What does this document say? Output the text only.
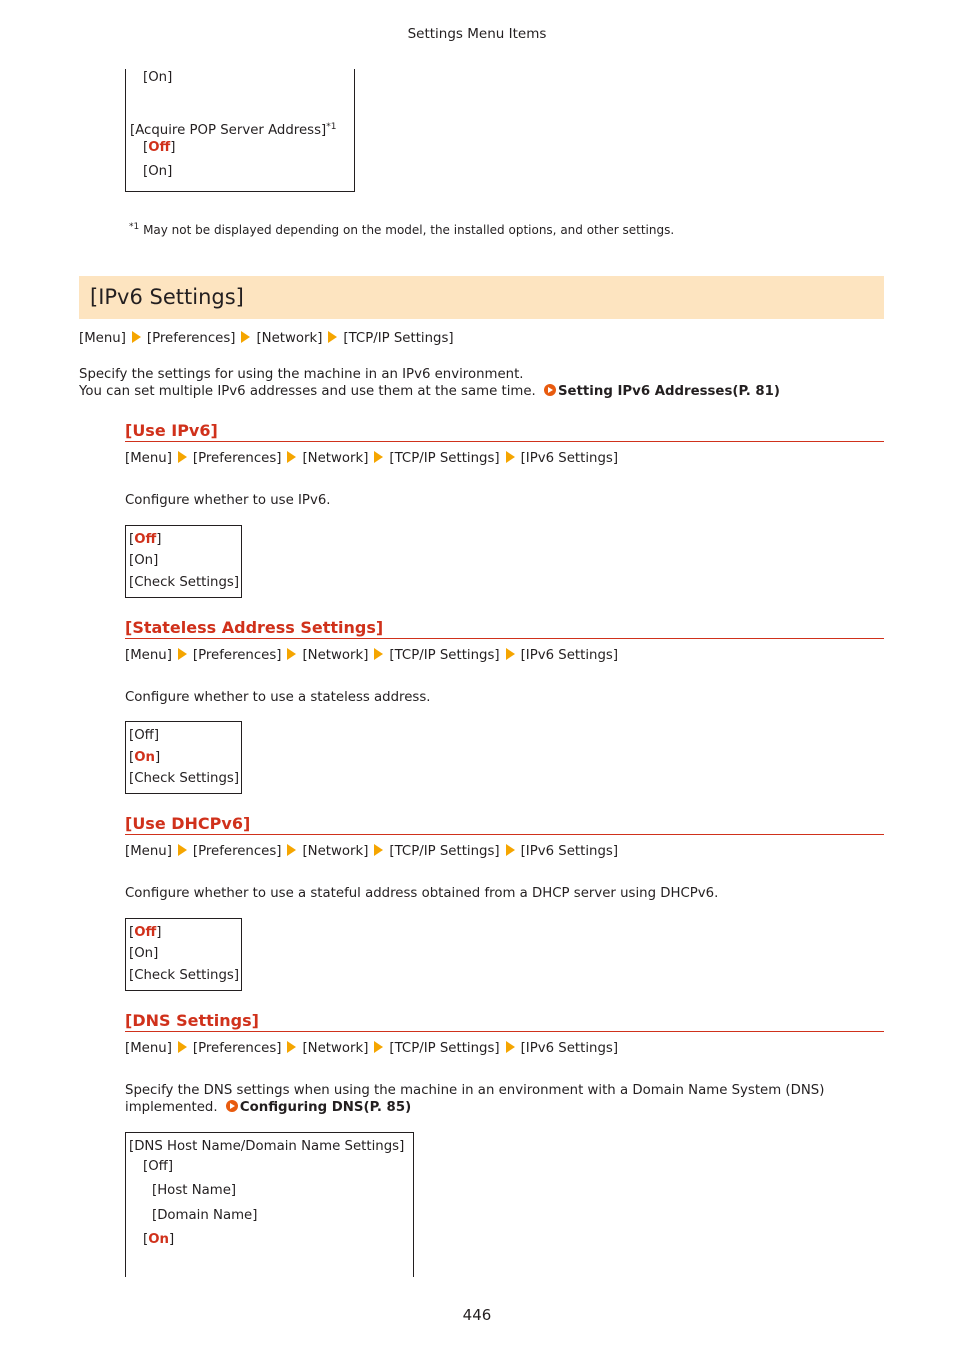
Settings Menu Items
[On]
[Acquire POP Server Address]$^{*1}$
[Off]
[On]
$^{*1}$ May not be displayed depending on the model, the installed options, and other settings.
[IPv6 Settings]
[Menu] [Preferences] [Network] [TCP/IP Settings]
Specify the settings for using the machine in an IPv6 environment.
You can set multiple IPv6 addresses and use them at the same time. Setting IPv6 Addresses(P. 81)
[Use IPv6]
[Menu] [Preferences] [Network] [TCP/IP Settings] [IPv6 Settings]
Configure whether to use IPv6.
[Off]
[On]
[Check Settings]
[Stateless Address Settings]
[Menu] [Preferences] [Network] [TCP/IP Settings] [IPv6 Settings]
Configure whether to use a stateless address.
[Off]
[On]
[Check Settings]
[Use DHCPv6]
[Menu] [Preferences] [Network] [TCP/IP Settings] [IPv6 Settings]
Configure whether to use a stateful address obtained from a DHCP server using DHCPv6.
[Off]
[On]
[Check Settings]
[DNS Settings]
[Menu] [Preferences] [Network] [TCP/IP Settings] [IPv6 Settings]
Specify the DNS settings when using the machine in an environment with a Domain Name System (DNS)
implemented. Configuring DNS(P. 85)
[DNS Host Name/Domain Name Settings]
[Off]
[Host Name]
[Domain Name]
[On]
446
